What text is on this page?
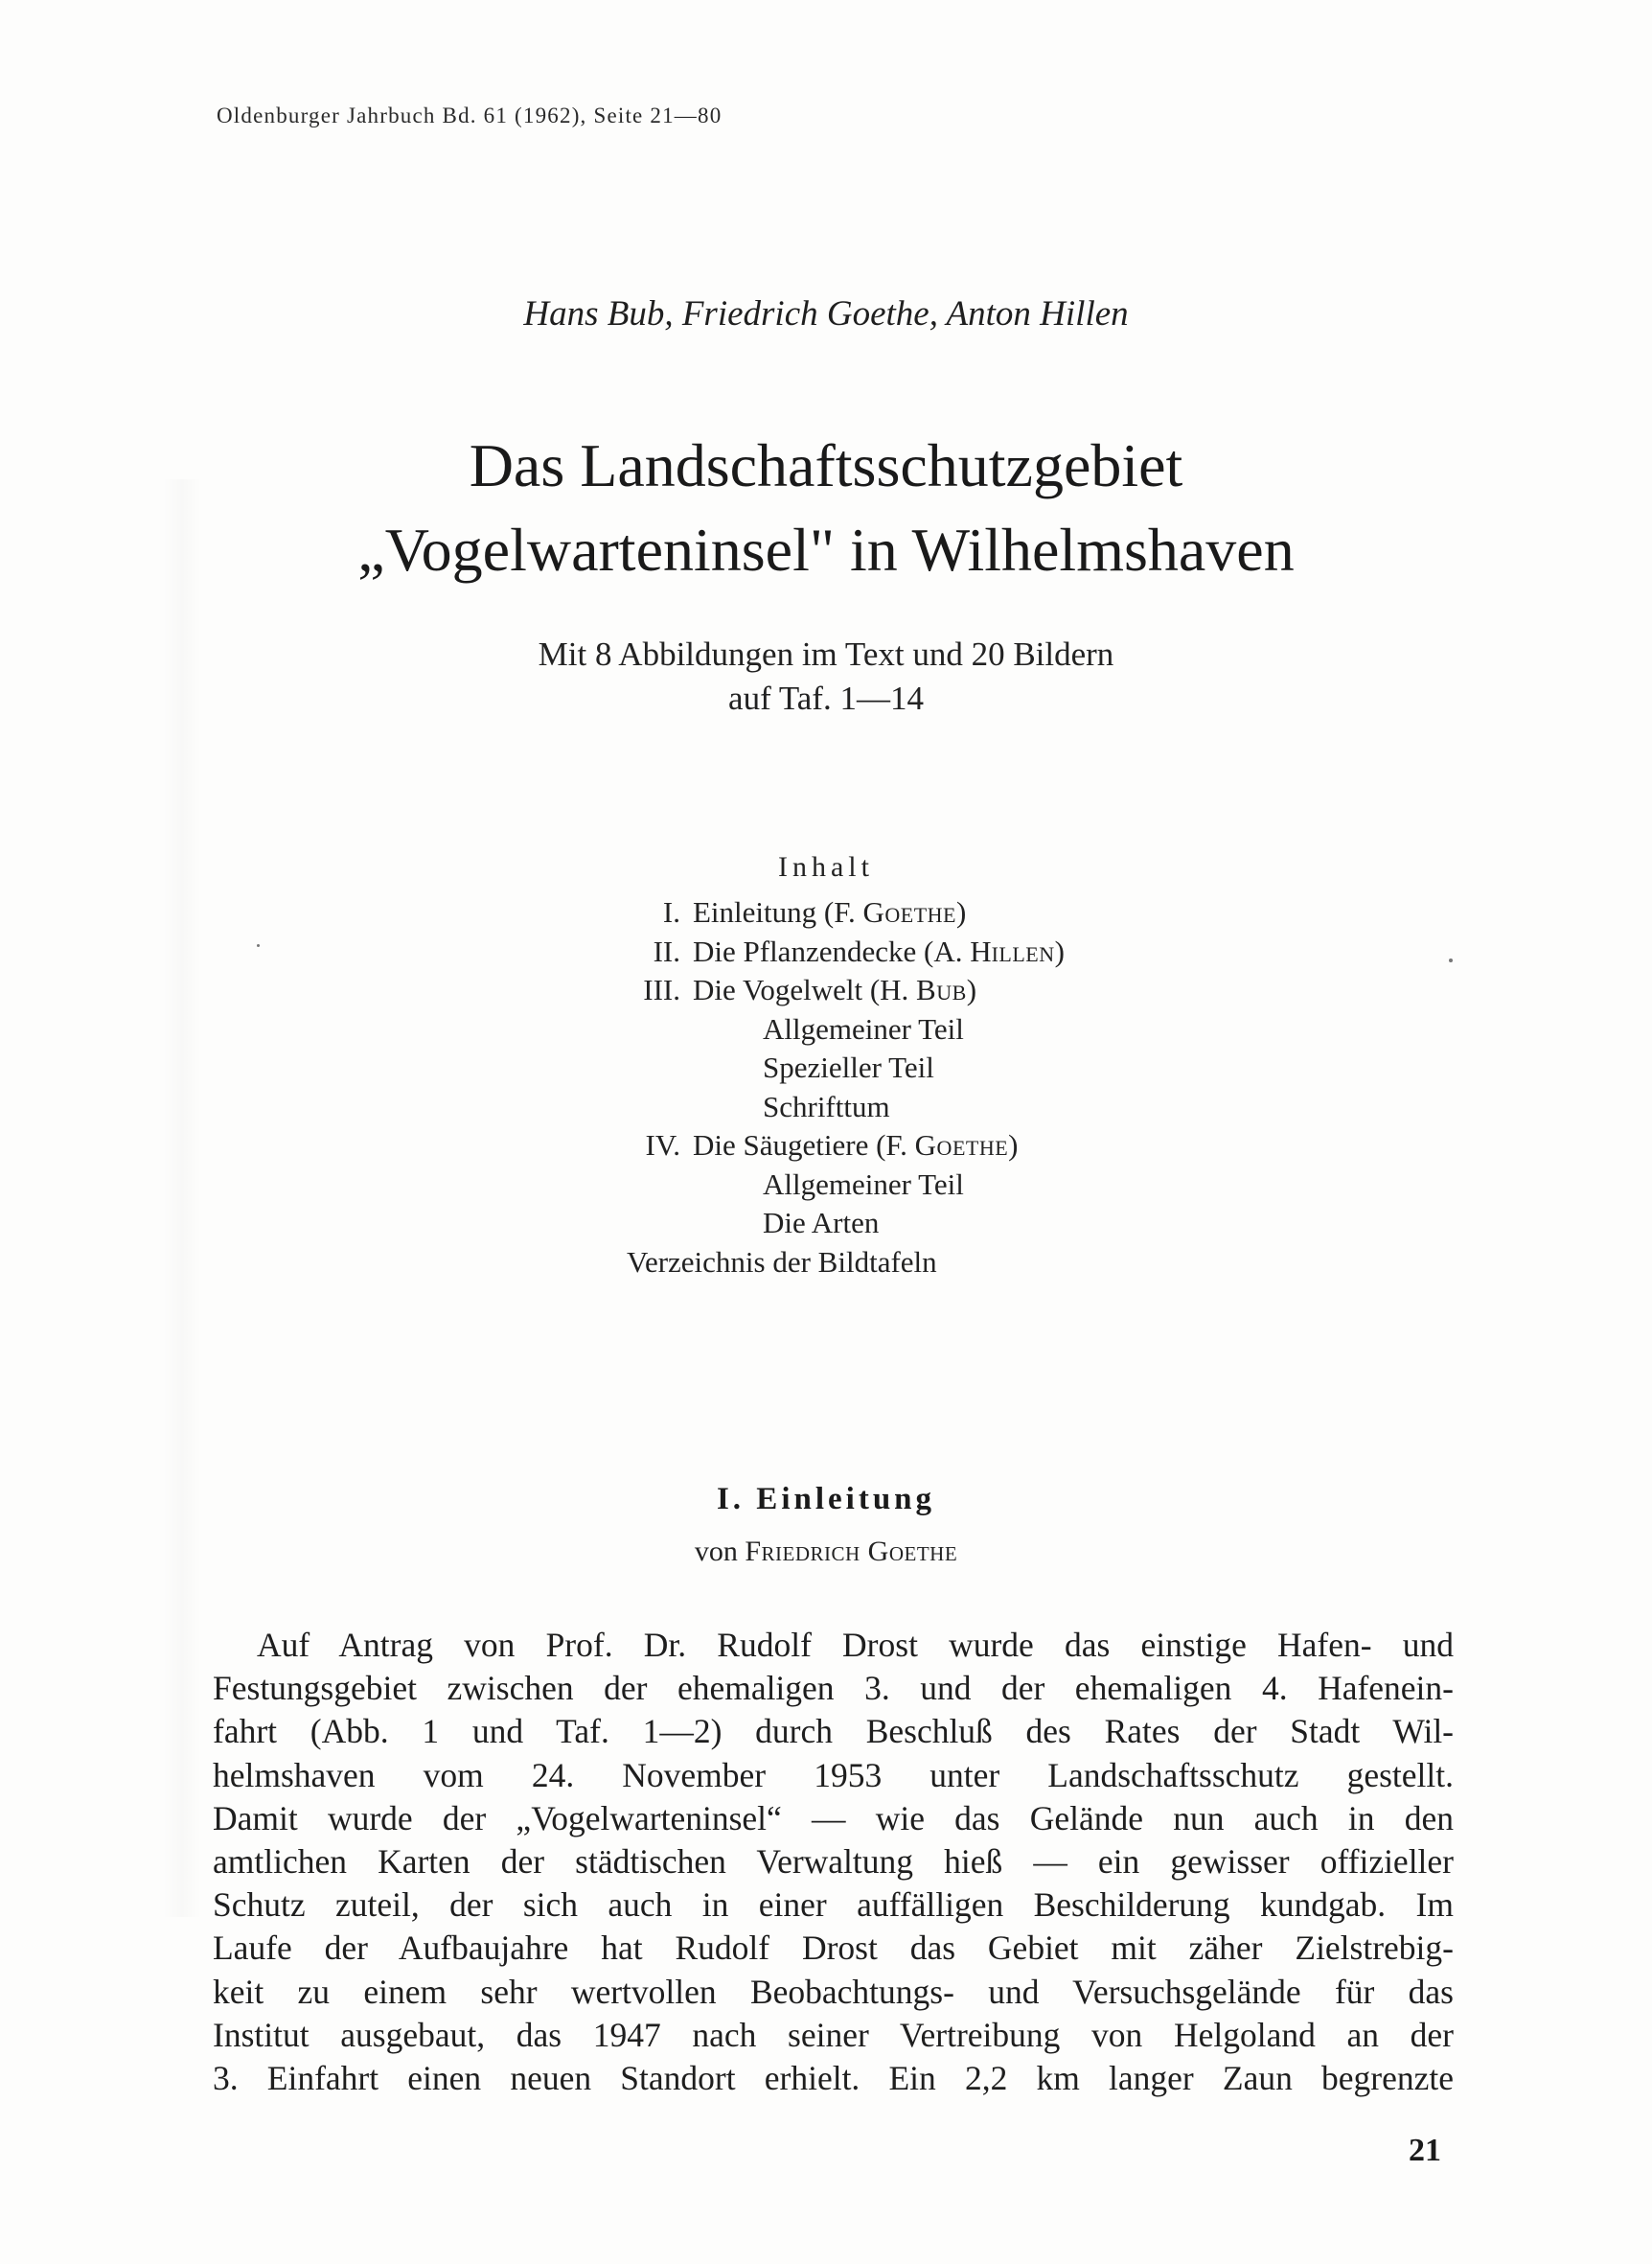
Oldenburger Jahrbuch Bd. 61 (1962), Seite 21—80
Hans Bub, Friedrich Goethe, Anton Hillen
Das Landschaftsschutzgebiet
„Vogelwarteninsel" in Wilhelmshaven
Mit 8 Abbildungen im Text und 20 Bildern
auf Taf. 1—14
Inhalt
I. Einleitung (F. Goethe)
II. Die Pflanzendecke (A. Hillen)
III. Die Vogelwelt (H. Bub)
Allgemeiner Teil
Spezieller Teil
Schrifttum
IV. Die Säugetiere (F. Goethe)
Allgemeiner Teil
Die Arten
Verzeichnis der Bildtafeln
I. Einleitung
von Friedrich Goethe
Auf Antrag von Prof. Dr. Rudolf Drost wurde das einstige Hafen- und
Festungsgebiet zwischen der ehemaligen 3. und der ehemaligen 4. Hafenein-
fahrt (Abb. 1 und Taf. 1—2) durch Beschluß des Rates der Stadt Wil-
helmshaven vom 24. November 1953 unter Landschaftsschutz gestellt.
Damit wurde der „Vogelwarteninsel“ — wie das Gelände nun auch in den
amtlichen Karten der städtischen Verwaltung hieß — ein gewisser offizieller
Schutz zuteil, der sich auch in einer auffälligen Beschilderung kundgab. Im
Laufe der Aufbaujahre hat Rudolf Drost das Gebiet mit zäher Zielstrebig-
keit zu einem sehr wertvollen Beobachtungs- und Versuchsgelände für das
Institut ausgebaut, das 1947 nach seiner Vertreibung von Helgoland an der
3. Einfahrt einen neuen Standort erhielt. Ein 2,2 km langer Zaun begrenzte
21
